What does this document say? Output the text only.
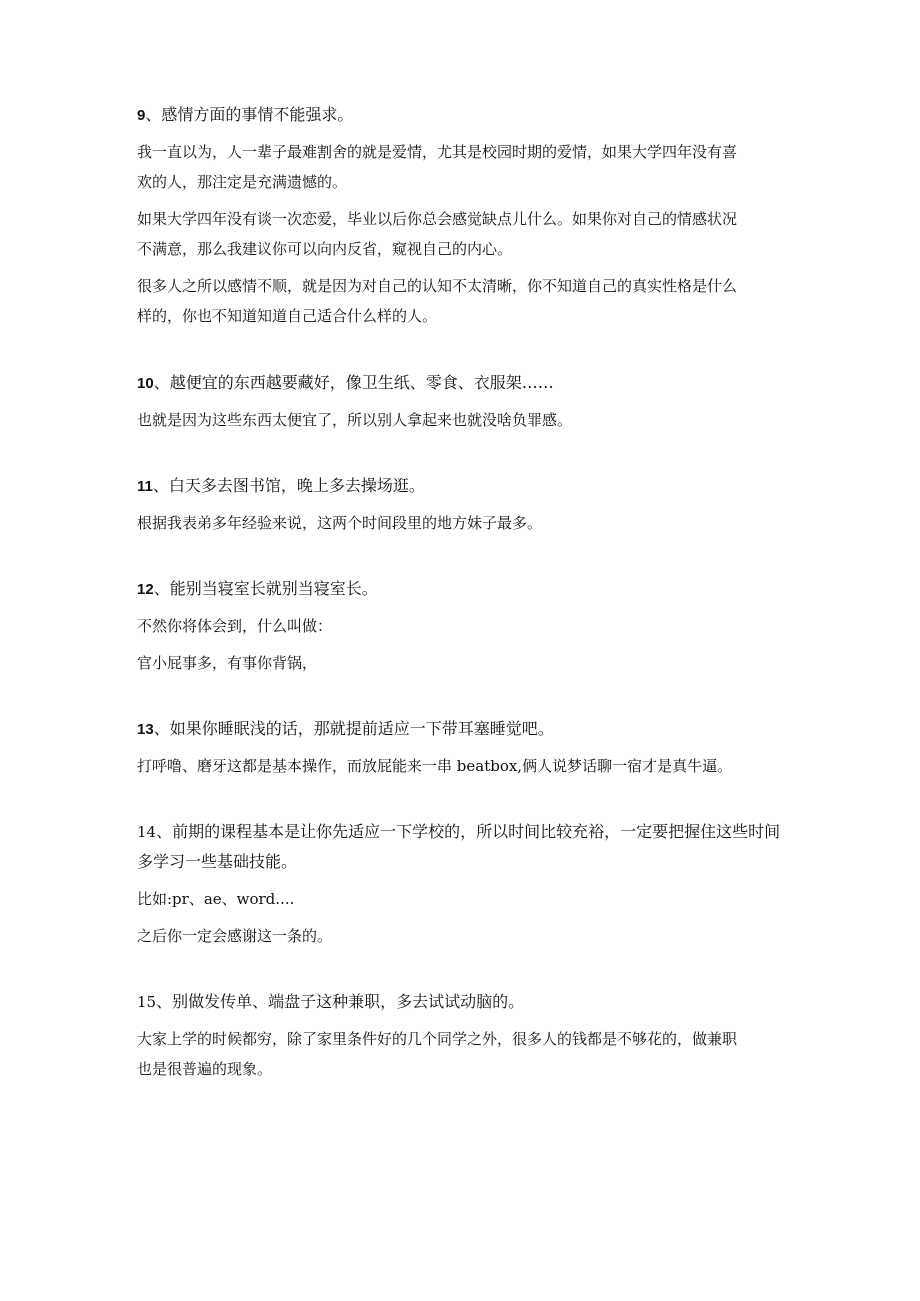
9、感情方面的事情不能强求。

我一直以为，人一辈子最难割舍的就是爱情，尤其是校园时期的爱情，如果大学四年没有喜
欢的人，那注定是充满遗憾的。

如果大学四年没有谈一次恋爱，毕业以后你总会感觉缺点儿什么。如果你对自己的情感状况
不满意，那么我建议你可以向内反省，窥视自己的内心。

很多人之所以感情不顺，就是因为对自己的认知不太清晰，你不知道自己的真实性格是什么
样的，你也不知道知道自己适合什么样的人。

10、越便宜的东西越要藏好，像卫生纸、零食、衣服架……

也就是因为这些东西太便宜了，所以别人拿起来也就没啥负罪感。

11、白天多去图书馆，晚上多去操场逛。

根据我表弟多年经验来说，这两个时间段里的地方妹子最多。

12、能别当寝室长就别当寝室长。

不然你将体会到，什么叫做：

官小屁事多，有事你背锅，

13、如果你睡眠浅的话，那就提前适应一下带耳塞睡觉吧。

打呼噜、磨牙这都是基本操作，而放屁能来一串 beatbox,俩人说梦话聊一宿才是真牛逼。

14、前期的课程基本是让你先适应一下学校的，所以时间比较充裕，一定要把握住这些时间
多学习一些基础技能。

比如:pr、ae、word....

之后你一定会感谢这一条的。

15、别做发传单、端盘子这种兼职，多去试试动脑的。

大家上学的时候都穷，除了家里条件好的几个同学之外，很多人的钱都是不够花的，做兼职
也是很普遍的现象。
